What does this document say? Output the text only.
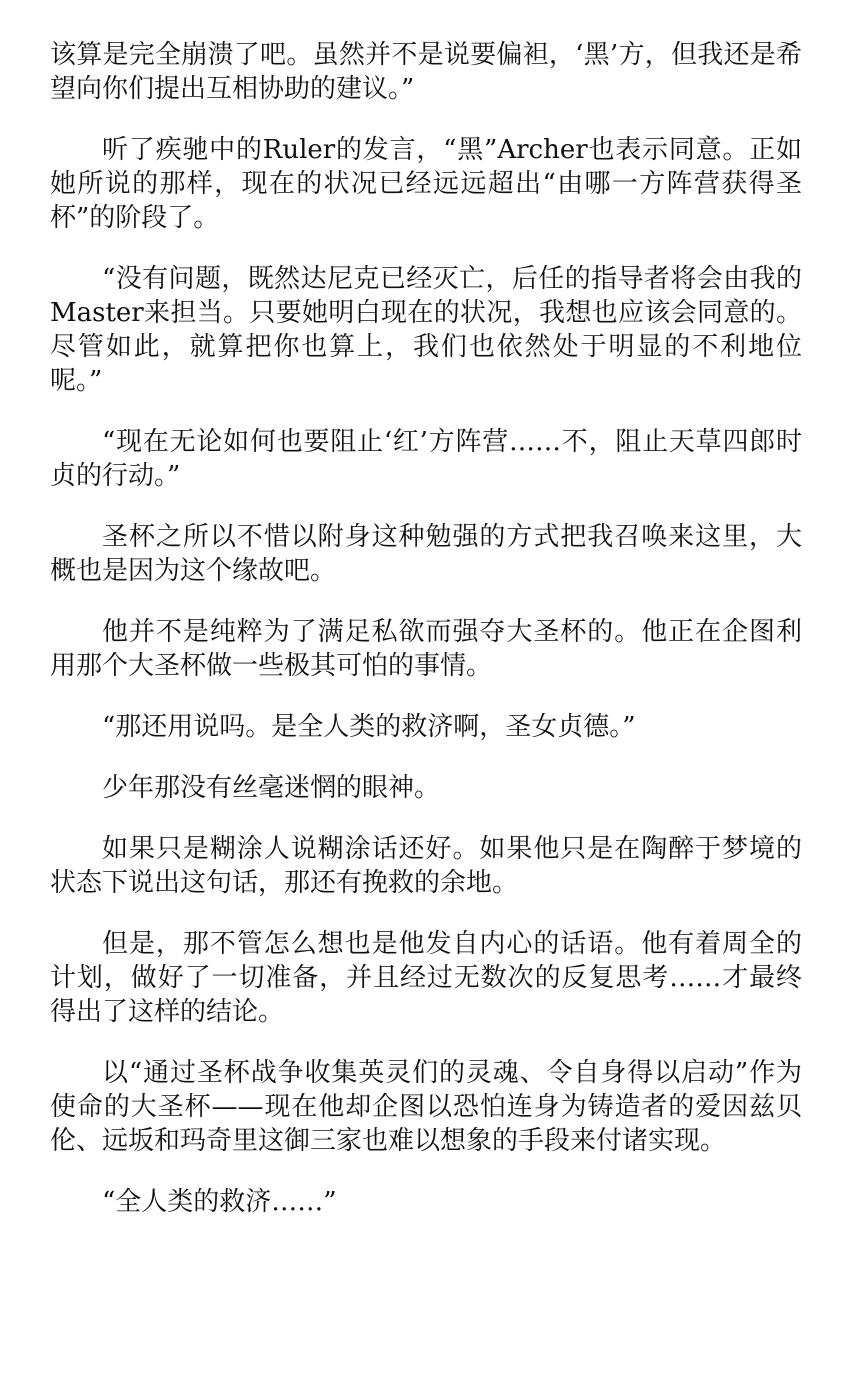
该算是完全崩溃了吧。虽然并不是说要偏袒，‘黑’方，但我还是希望向你们提出互相协助的建议。”

听了疾驰中的Ruler的发言，“黑”Archer也表示同意。正如她所说的那样，现在的状况已经远远超出“由哪一方阵营获得圣杯”的阶段了。

“没有问题，既然达尼克已经灭亡，后任的指导者将会由我的Master来担当。只要她明白现在的状况，我想也应该会同意的。尽管如此，就算把你也算上，我们也依然处于明显的不利地位呢。”

“现在无论如何也要阻止‘红’方阵营……不，阻止天草四郎时贞的行动。”

圣杯之所以不惜以附身这种勉强的方式把我召唤来这里，大概也是因为这个缘故吧。

他并不是纯粹为了满足私欲而强夺大圣杯的。他正在企图利用那个大圣杯做一些极其可怕的事情。

“那还用说吗。是全人类的救济啊，圣女贞德。”

少年那没有丝毫迷惘的眼神。

如果只是糊涂人说糊涂话还好。如果他只是在陶醉于梦境的状态下说出这句话，那还有挽救的余地。

但是，那不管怎么想也是他发自内心的话语。他有着周全的计划，做好了一切准备，并且经过无数次的反复思考……才最终得出了这样的结论。

以“通过圣杯战争收集英灵们的灵魂、令自身得以启动”作为使命的大圣杯——现在他却企图以恐怕连身为铸造者的爱因兹贝伦、远坂和玛奇里这御三家也难以想象的手段来付诸实现。

“全人类的救济……”
